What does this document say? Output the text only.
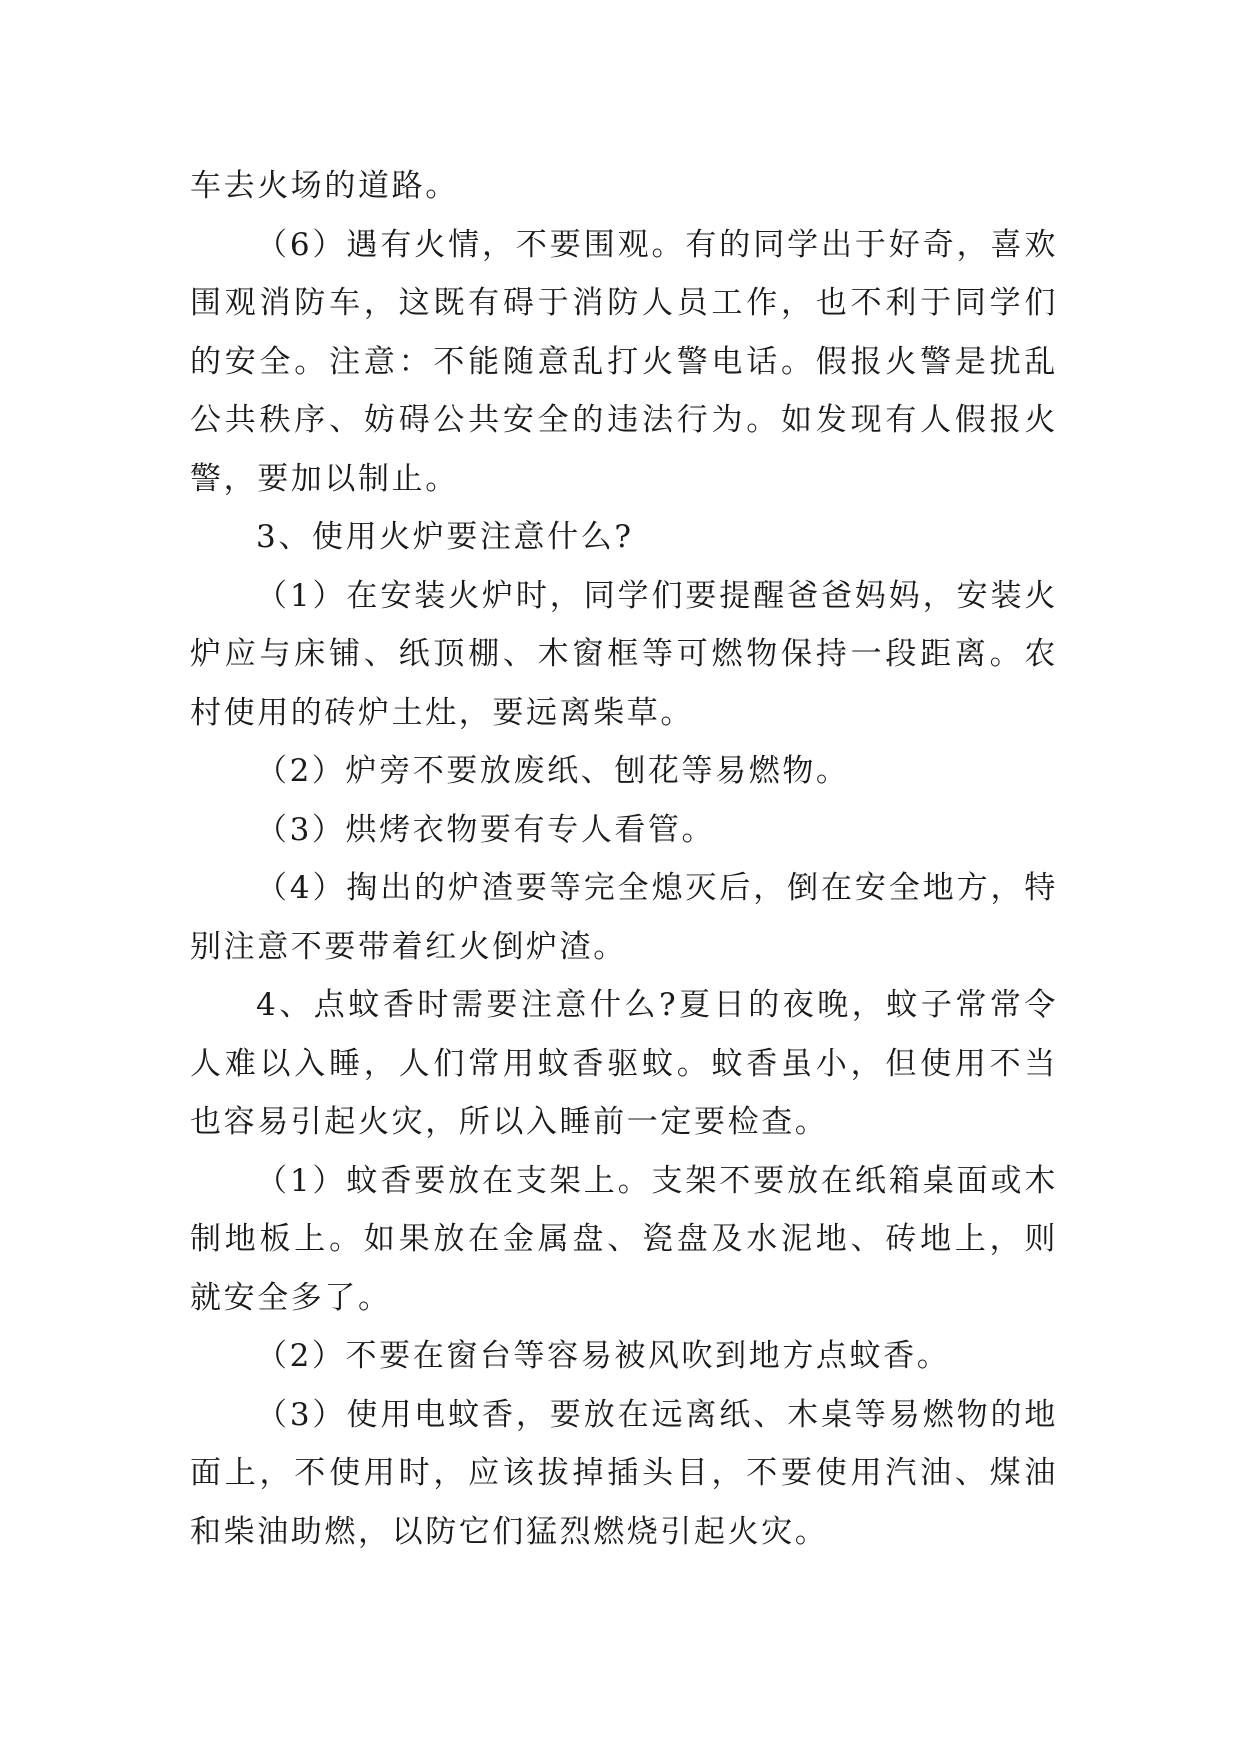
车去火场的道路。

（6）遇有火情，不要围观。有的同学出于好奇，喜欢围观消防车，这既有碍于消防人员工作，也不利于同学们的安全。注意：不能随意乱打火警电话。假报火警是扰乱公共秩序、妨碍公共安全的违法行为。如发现有人假报火警，要加以制止。

3、使用火炉要注意什么?

（1）在安装火炉时，同学们要提醒爸爸妈妈，安装火炉应与床铺、纸顶棚、木窗框等可燃物保持一段距离。农村使用的砖炉土灶，要远离柴草。

（2）炉旁不要放废纸、刨花等易燃物。

（3）烘烤衣物要有专人看管。

（4）掏出的炉渣要等完全熄灭后，倒在安全地方，特别注意不要带着红火倒炉渣。

4、点蚊香时需要注意什么?夏日的夜晚，蚊子常常令人难以入睡，人们常用蚊香驱蚊。蚊香虽小，但使用不当也容易引起火灾，所以入睡前一定要检查。

（1）蚊香要放在支架上。支架不要放在纸箱桌面或木制地板上。如果放在金属盘、瓷盘及水泥地、砖地上，则就安全多了。

（2）不要在窗台等容易被风吹到地方点蚊香。

（3）使用电蚊香，要放在远离纸、木桌等易燃物的地面上，不使用时，应该拔掉插头目，不要使用汽油、煤油和柴油助燃，以防它们猛烈燃烧引起火灾。
